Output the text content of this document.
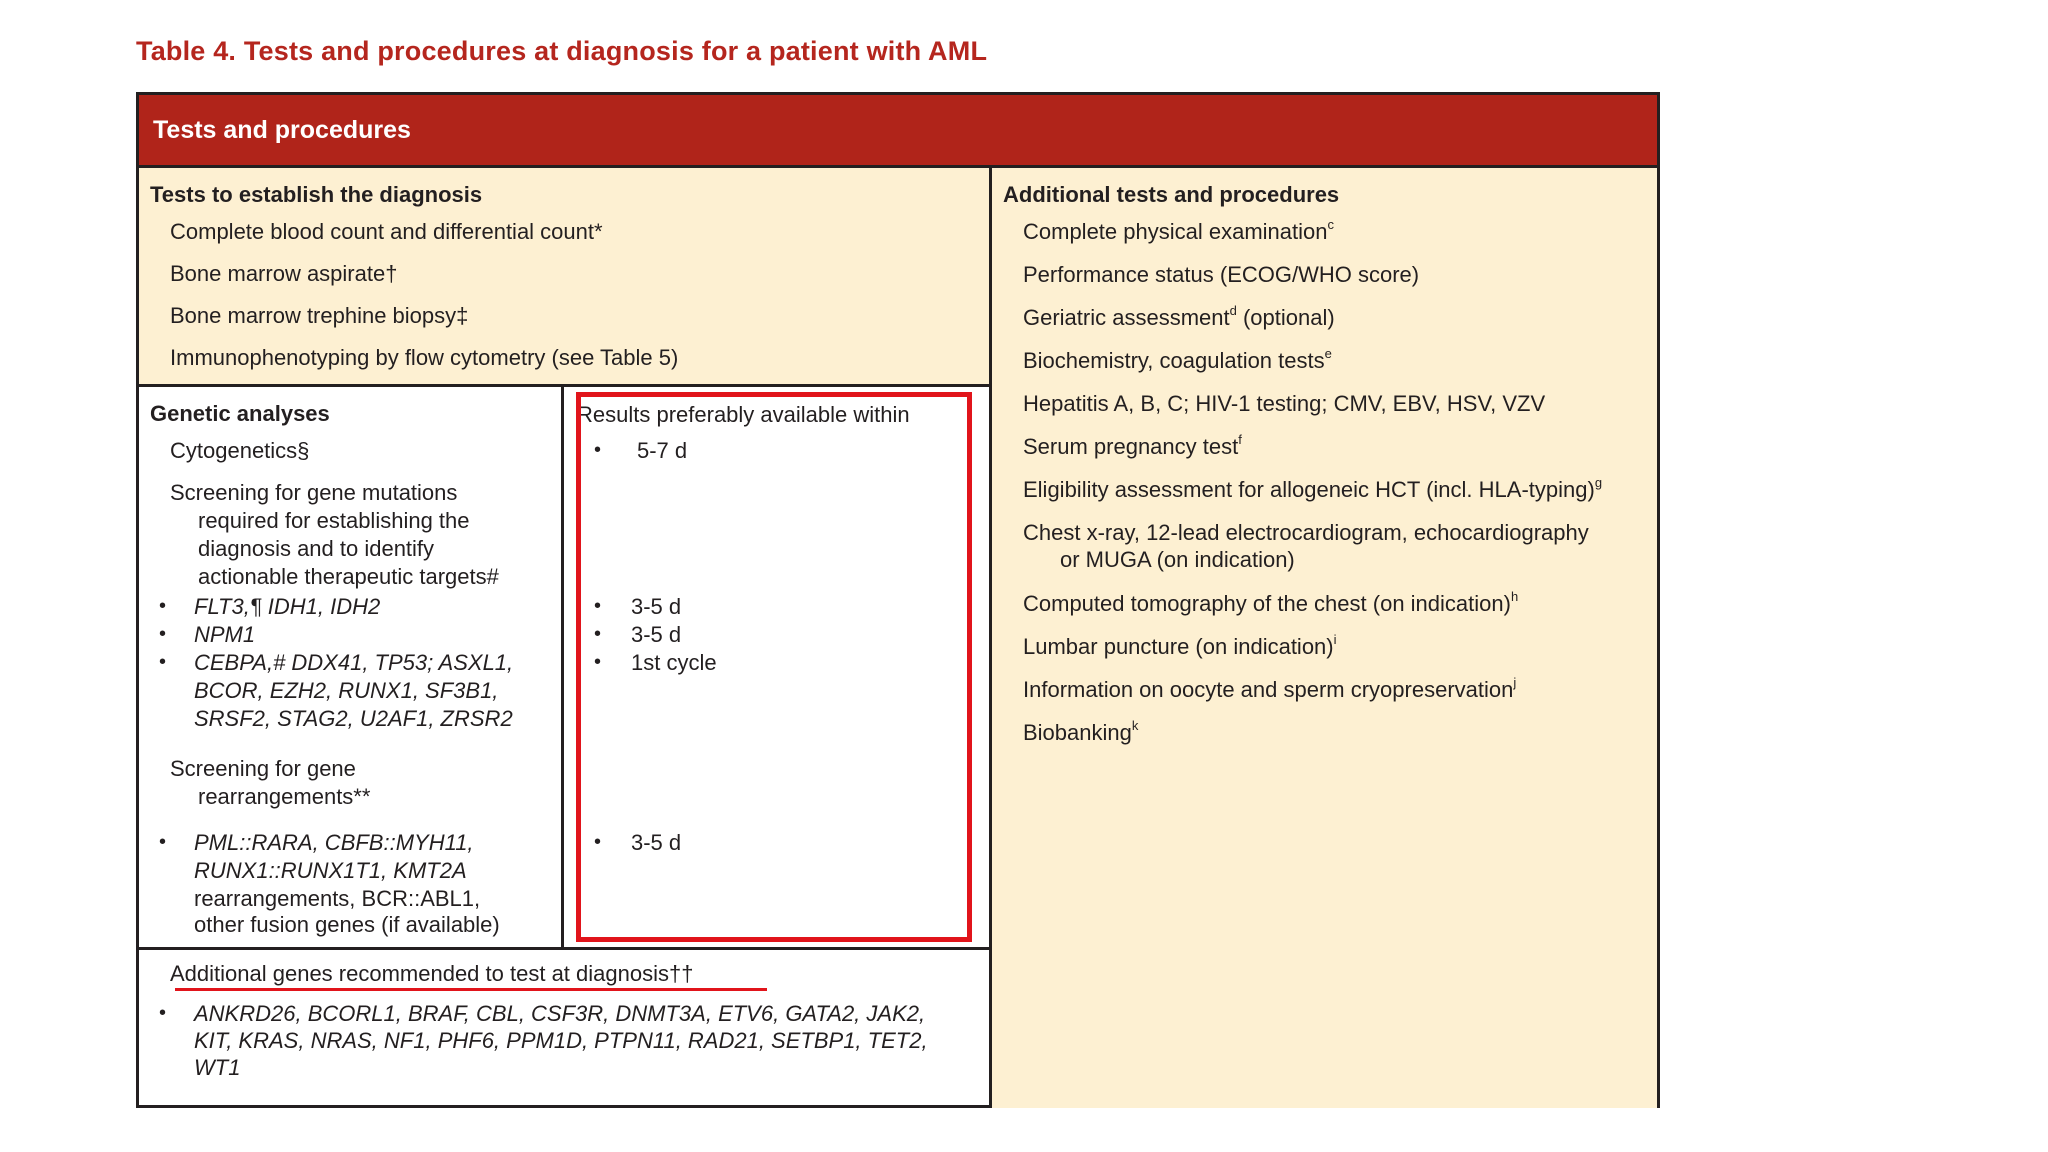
Table 4. Tests and procedures at diagnosis for a patient with AML
Tests and procedures
Tests to establish the diagnosis
Complete blood count and differential count*
Bone marrow aspirate†
Bone marrow trephine biopsy‡
Immunophenotyping by flow cytometry (see Table 5)
Genetic analyses
Cytogenetics§
Screening for gene mutations
required for establishing the
diagnosis and to identify
actionable therapeutic targets#
• FLT3,¶ IDH1, IDH2
• NPM1
• CEBPA,# DDX41, TP53; ASXL1,
BCOR, EZH2, RUNX1, SF3B1,
SRSF2, STAG2, U2AF1, ZRSR2
Screening for gene
rearrangements**
• PML::RARA, CBFB::MYH11,
RUNX1::RUNX1T1, KMT2A
rearrangements, BCR::ABL1,
other fusion genes (if available)
Results preferably available within
• 5-7 d
• 3-5 d
• 3-5 d
• 1st cycle
• 3-5 d
Additional genes recommended to test at diagnosis††
• ANKRD26, BCORL1, BRAF, CBL, CSF3R, DNMT3A, ETV6, GATA2, JAK2,
KIT, KRAS, NRAS, NF1, PHF6, PPM1D, PTPN11, RAD21, SETBP1, TET2,
WT1
Additional tests and procedures
Complete physical examination$^c$
Performance status (ECOG/WHO score)
Geriatric assessment$^d$ (optional)
Biochemistry, coagulation tests$^e$
Hepatitis A, B, C; HIV-1 testing; CMV, EBV, HSV, VZV
Serum pregnancy test$^f$
Eligibility assessment for allogeneic HCT (incl. HLA-typing)$^g$
Chest x-ray, 12-lead electrocardiogram, echocardiography
or MUGA (on indication)
Computed tomography of the chest (on indication)$^h$
Lumbar puncture (on indication)$^i$
Information on oocyte and sperm cryopreservation$^j$
Biobanking$^k$
